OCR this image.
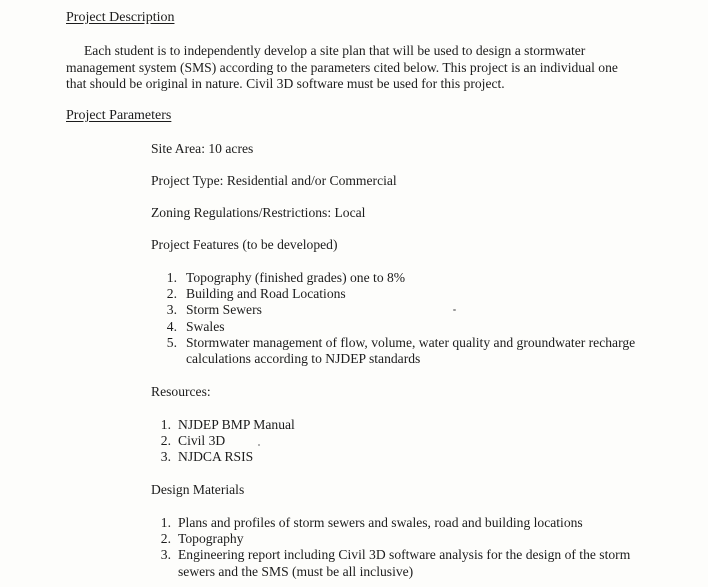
Project Description
Each student is to independently develop a site plan that will be used to design a stormwater
management system (SMS) according to the parameters cited below. This project is an individual one
that should be original in nature. Civil 3D software must be used for this project.
Project Parameters
Site Area: 10 acres
Project Type: Residential and/or Commercial
Zoning Regulations/Restrictions: Local
Project Features (to be developed)
1. Topography (finished grades) one to 8%
2. Building and Road Locations
3. Storm Sewers
4. Swales
5. Stormwater management of flow, volume, water quality and groundwater recharge
calculations according to NJDEP standards
Resources:
1. NJDEP BMP Manual
2. Civil 3D
3. NJDCA RSIS
Design Materials
1. Plans and profiles of storm sewers and swales, road and building locations
2. Topography
3. Engineering report including Civil 3D software analysis for the design of the storm
sewers and the SMS (must be all inclusive)
